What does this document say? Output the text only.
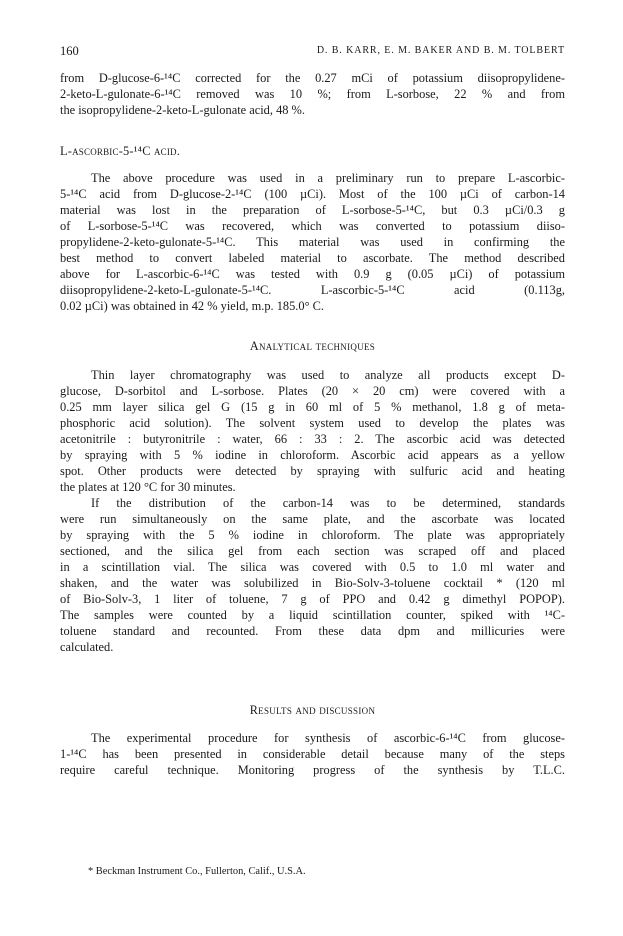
160	D. B. KARR, E. M. BAKER AND B. M. TOLBERT
from D-glucose-6-¹⁴C corrected for the 0.27 mCi of potassium diisopropylidene-
2-keto-L-gulonate-6-¹⁴C removed was 10 %; from L-sorbose, 22 % and from
the isopropylidene-2-keto-L-gulonate acid, 48 %.
L-ascorbic-5-¹⁴C acid.
The above procedure was used in a preliminary run to prepare L-ascorbic-
5-¹⁴C acid from D-glucose-2-¹⁴C (100 µCi). Most of the 100 µCi of carbon-14
material was lost in the preparation of L-sorbose-5-¹⁴C, but 0.3 µCi/0.3 g
of L-sorbose-5-¹⁴C was recovered, which was converted to potassium diiso-
propylidene-2-keto-gulonate-5-¹⁴C. This material was used in confirming the
best method to convert labeled material to ascorbate. The method described
above for L-ascorbic-6-¹⁴C was tested with 0.9 g (0.05 µCi) of potassium
diisopropylidene-2-keto-L-gulonate-5-¹⁴C. L-ascorbic-5-¹⁴C acid (0.113g,
0.02 µCi) was obtained in 42 % yield, m.p. 185.0° C.
Analytical techniques
Thin layer chromatography was used to analyze all products except D-
glucose, D-sorbitol and L-sorbose. Plates (20 × 20 cm) were covered with a
0.25 mm layer silica gel G (15 g in 60 ml of 5 % methanol, 1.8 g of meta-
phosphoric acid solution). The solvent system used to develop the plates was
acetonitrile : butyronitrile : water, 66 : 33 : 2. The ascorbic acid was detected
by spraying with 5 % iodine in chloroform. Ascorbic acid appears as a yellow
spot. Other products were detected by spraying with sulfuric acid and heating
the plates at 120 °C for 30 minutes.
If the distribution of the carbon-14 was to be determined, standards
were run simultaneously on the same plate, and the ascorbate was located
by spraying with the 5 % iodine in chloroform. The plate was appropriately
sectioned, and the silica gel from each section was scraped off and placed
in a scintillation vial. The silica was covered with 0.5 to 1.0 ml water and
shaken, and the water was solubilized in Bio-Solv-3-toluene cocktail * (120 ml
of Bio-Solv-3, 1 liter of toluene, 7 g of PPO and 0.42 g dimethyl POPOP).
The samples were counted by a liquid scintillation counter, spiked with ¹⁴C-
toluene standard and recounted. From these data dpm and millicuries were
calculated.
Results and discussion
The experimental procedure for synthesis of ascorbic-6-¹⁴C from glucose-
1-¹⁴C has been presented in considerable detail because many of the steps
require careful technique. Monitoring progress of the synthesis by T.L.C.
* Beckman Instrument Co., Fullerton, Calif., U.S.A.
